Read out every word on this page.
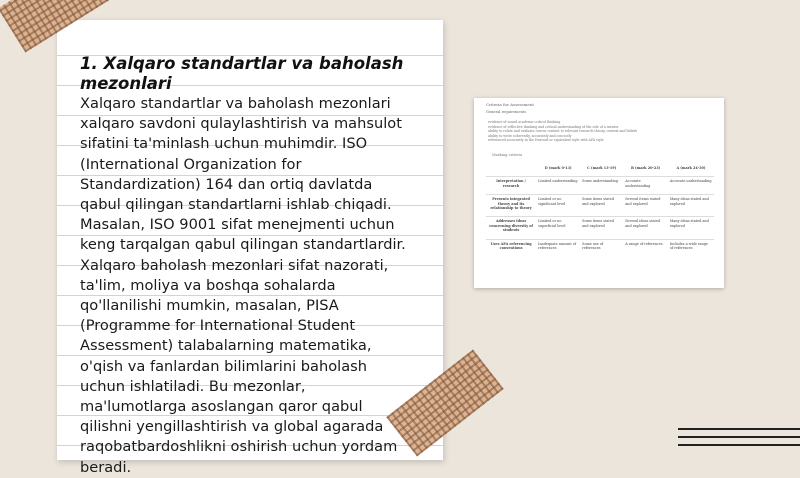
1. Xalqaro standartlar va baholash mezonlari
Xalqaro standartlar va baholash mezonlari
xalqaro savdoni qulaylashtirish va mahsulot
sifatini ta'minlash uchun muhimdir. ISO
(International Organization for
Standardization) 164 dan ortiq davlatda
qabul qilingan standartlarni ishlab chiqadi.
Masalan, ISO 9001 sifat menejmenti uchun
keng tarqalgan qabul qilingan standartlardir.
Xalqaro baholash mezonlari sifat nazorati,
ta'lim, moliya va boshqa sohalarda
qo'llanilishi mumkin, masalan, PISA
(Programme for International Student
Assessment) talabalarning matematika,
o'qish va fanlardan bilimlarini baholash
uchun ishlatiladi. Bu mezonlar,
ma'lumotlarga asoslangan qaror qabul
qilishni yengillashtirish va global agarada
raqobatbardoshlikni oshirish uchun yordam
beradi.
Criteria for Assessment
General requirements
evidence of sound academic critical thinking
evidence of reflective thinking and critical understanding of the role of a mentor
ability to relate and evaluate course content to relevant research theory, context and beliefs
ability to write coherently, accurately and concisely
referenced accurately in the Harvard or equivalent style with APA style
Marking criteria
	D (mark 0-13)	C (mark 13-19)	B (mark 20-23)	A (mark 24-30)
Interpretation / research	Limited understanding	Some understanding	Accurate understanding	Accurate understanding
Presents integrated theory and its relationship to theory	Limited or no significant level	Some items stated and explored	Several items stated and explored	Many ideas stated and explored
Addresses ideas concerning diversity of students	Limited or no superficial level	Some items stated and explored	Several ideas stated and explored	Many ideas stated and explored
Uses APA referencing conventions	Inadequate amount of references	Some use of references	A range of references	Includes a wide range of references
